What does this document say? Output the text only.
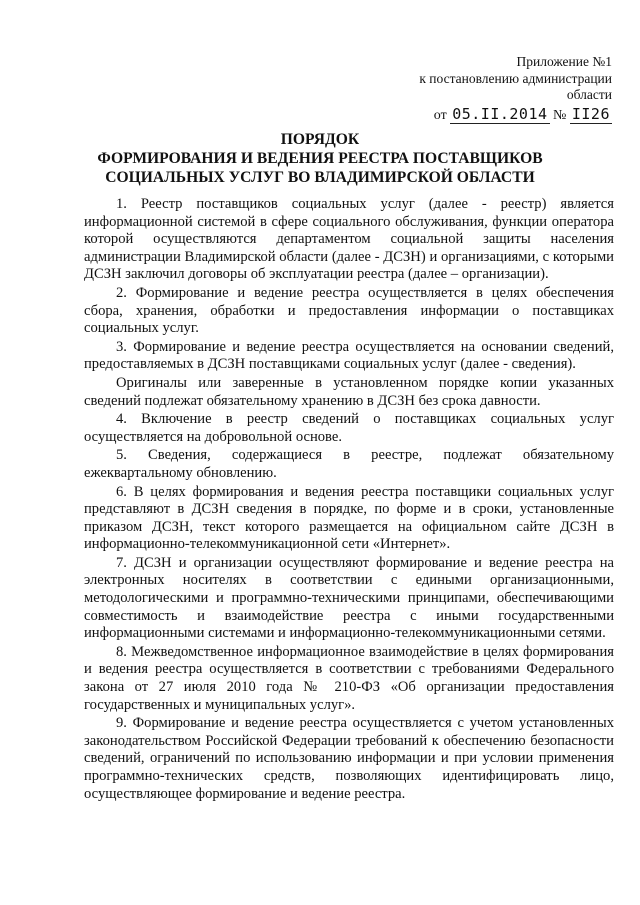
Приложение №1
к постановлению администрации
области
от 05.II.2014 № II26
ПОРЯДОК
ФОРМИРОВАНИЯ И ВЕДЕНИЯ РЕЕСТРА ПОСТАВЩИКОВ
СОЦИАЛЬНЫХ УСЛУГ ВО ВЛАДИМИРСКОЙ ОБЛАСТИ

1. Реестр поставщиков социальных услуг (далее - реестр) является информационной системой в сфере социального обслуживания, функции оператора которой осуществляются департаментом социальной защиты населения администрации Владимирской области (далее - ДСЗН) и организациями, с которыми ДСЗН заключил договоры об эксплуатации реестра (далее – организации).

2. Формирование и ведение реестра осуществляется в целях обеспечения сбора, хранения, обработки и предоставления информации о поставщиках социальных услуг.

3. Формирование и ведение реестра осуществляется на основании сведений, предоставляемых в ДСЗН поставщиками социальных услуг (далее - сведения).

Оригиналы или заверенные в установленном порядке копии указанных сведений подлежат обязательному хранению в ДСЗН без срока давности.

4. Включение в реестр сведений о поставщиках социальных услуг осуществляется на добровольной основе.

5. Сведения, содержащиеся в реестре, подлежат обязательному ежеквартальному обновлению.

6. В целях формирования и ведения реестра поставщики социальных услуг представляют в ДСЗН сведения в порядке, по форме и в сроки, установленные приказом ДСЗН, текст которого размещается на официальном сайте ДСЗН в информационно-телекоммуникационной сети «Интернет».

7. ДСЗН и организации осуществляют формирование и ведение реестра на электронных носителях в соответствии с едиными организационными, методологическими и программно-техническими принципами, обеспечивающими совместимость и взаимодействие реестра с иными государственными информационными системами и информационно-телекоммуникационными сетями.

8. Межведомственное информационное взаимодействие в целях формирования и ведения реестра осуществляется в соответствии с требованиями Федерального закона от 27 июля 2010 года № 210-ФЗ «Об организации предоставления государственных и муниципальных услуг».

9. Формирование и ведение реестра осуществляется с учетом установленных законодательством Российской Федерации требований к обеспечению безопасности сведений, ограничений по использованию информации и при условии применения программно-технических средств, позволяющих идентифицировать лицо, осуществляющее формирование и ведение реестра.
